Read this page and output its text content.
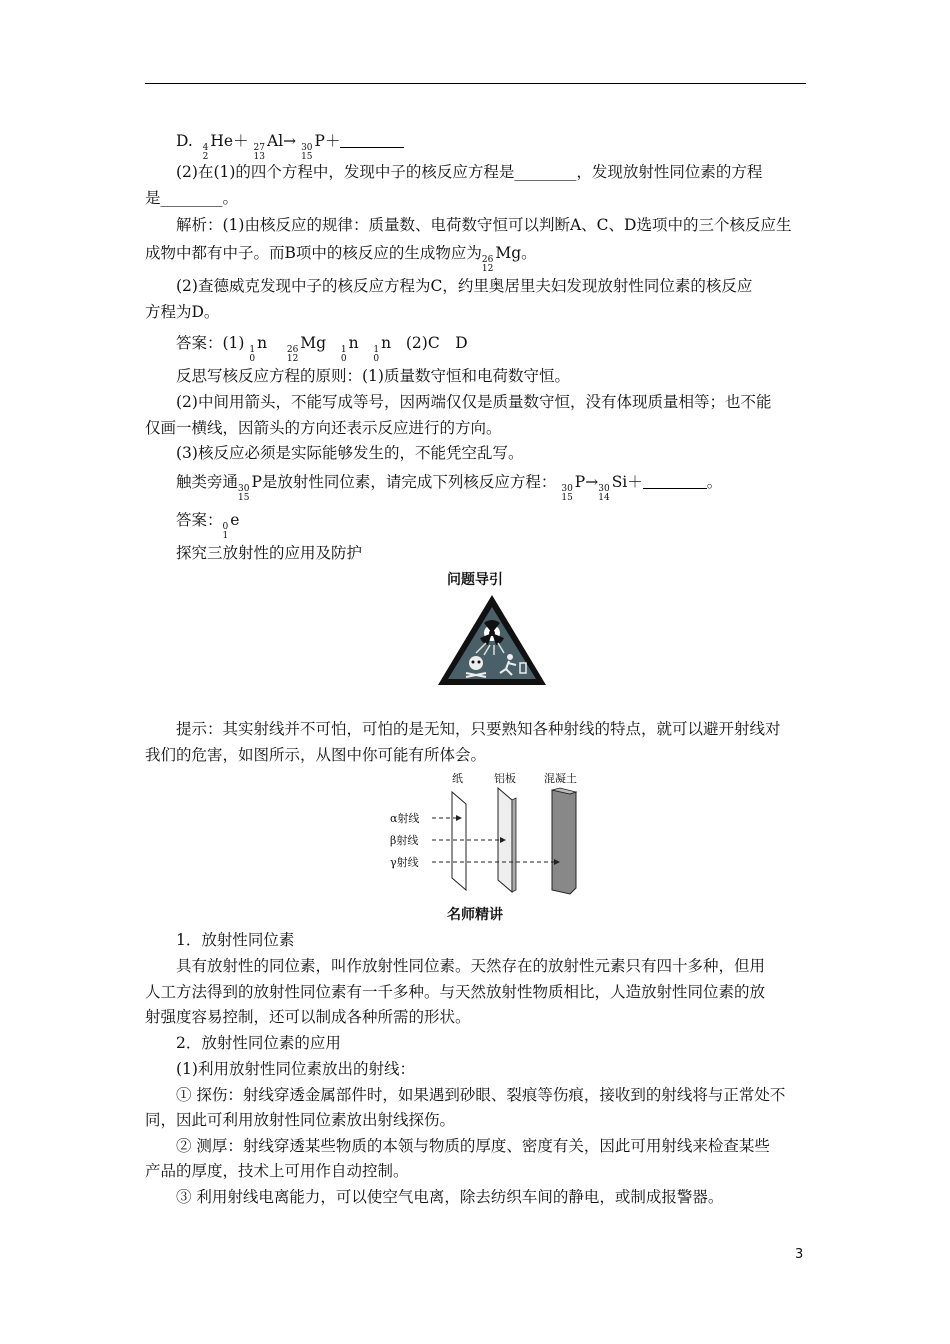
D. 4
2
He＋ 27
13
Al→ 30
15
P＋
(2)在(1)的四个方程中，发现中子的核反应方程是________，发现放射性同位素的方程
是________。
解析：(1)由核反应的规律：质量数、电荷数守恒可以判断A、C、D选项中的三个核反应生
成物中都有中子。而B项中的核反应的生成物应为 26
12
Mg。
(2)查德威克发现中子的核反应方程为C，约里奥居里夫妇发现放射性同位素的核反应
方程为D。
答案：(1) 1
0
n 26
12
Mg 1
0
n 1
0
n (2)C　D
反思写核反应方程的原则：(1)质量数守恒和电荷数守恒。
(2)中间用箭头，不能写成等号，因两端仅仅是质量数守恒，没有体现质量相等；也不能
仅画一横线，因箭头的方向还表示反应进行的方向。
(3)核反应必须是实际能够发生的，不能凭空乱写。
触类旁通 30
15
P是放射性同位素，请完成下列核反应方程： 30
15
P→ 30
14
Si＋	。
答案： 0
1
e
探究三放射性的应用及防护
问题导引
提示：其实射线并不可怕，可怕的是无知，只要熟知各种射线的特点，就可以避开射线对
我们的危害，如图所示，从图中你可能有所体会。
纸	铝板	混凝土
α射线
β射线
γ射线
名师精讲
1．放射性同位素
具有放射性的同位素，叫作放射性同位素。天然存在的放射性元素只有四十多种，但用
人工方法得到的放射性同位素有一千多种。与天然放射性物质相比，人造放射性同位素的放
射强度容易控制，还可以制成各种所需的形状。
2．放射性同位素的应用
(1)利用放射性同位素放出的射线：
① 探伤：射线穿透金属部件时，如果遇到砂眼、裂痕等伤痕，接收到的射线将与正常处不
同，因此可利用放射性同位素放出射线探伤。
② 测厚：射线穿透某些物质的本领与物质的厚度、密度有关，因此可用射线来检查某些
产品的厚度，技术上可用作自动控制。
③ 利用射线电离能力，可以使空气电离，除去纺织车间的静电，或制成报警器。
3
